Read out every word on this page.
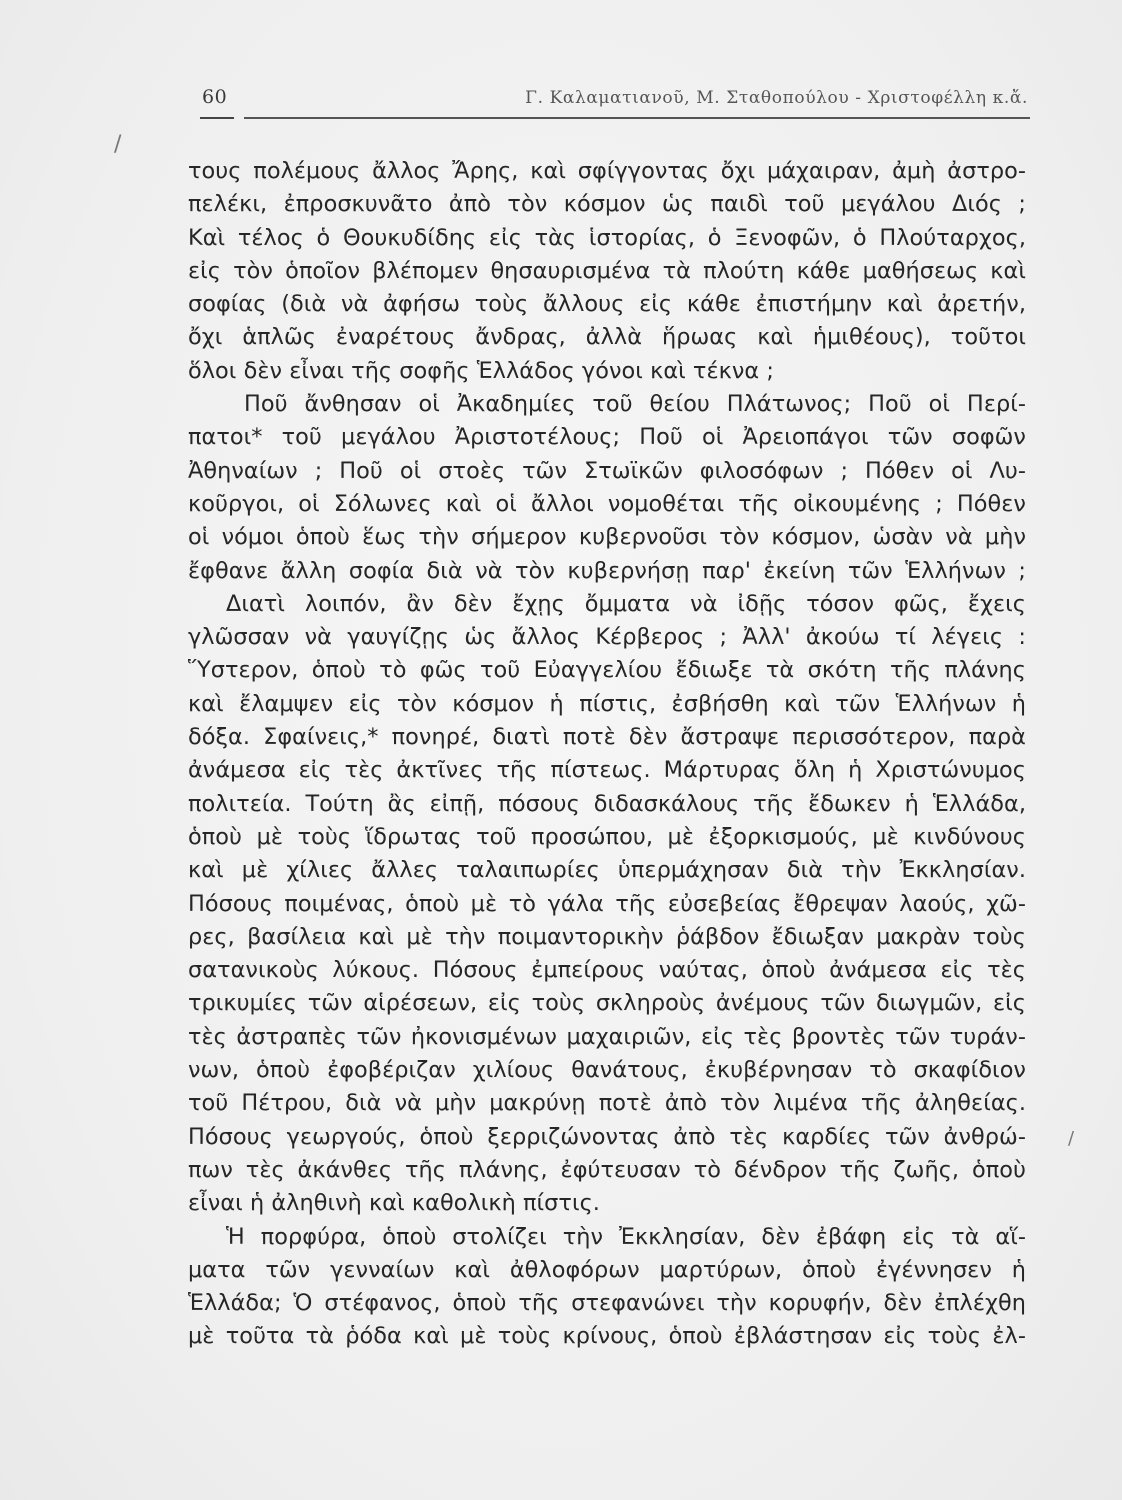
60	Γ. Καλαματιανοῦ, Μ. Σταθοπούλου - Χριστοφέλλη κ.ἄ.
/
/
τους πολέμους ἄλλος Ἄρης, καὶ σφίγγοντας ὄχι μάχαιραν, ἀμὴ ἀστρο-
πελέκι, ἐπροσκυνᾶτο ἀπὸ τὸν κόσμον ὡς παιδὶ τοῦ μεγάλου Διός ;
Καὶ τέλος ὁ Θουκυδίδης εἰς τὰς ἱστορίας, ὁ Ξενοφῶν, ὁ Πλούταρχος,
εἰς τὸν ὁποῖον βλέπομεν θησαυρισμένα τὰ πλούτη κάθε μαθήσεως καὶ
σοφίας (διὰ νὰ ἀφήσω τοὺς ἄλλους εἰς κάθε ἐπιστήμην καὶ ἀρετήν,
ὄχι ἁπλῶς ἐναρέτους ἄνδρας, ἀλλὰ ἥρωας καὶ ἡμιθέους), τοῦτοι
ὅλοι δὲν εἶναι τῆς σοφῆς Ἑλλάδος γόνοι καὶ τέκνα ;
Ποῦ ἄνθησαν οἱ Ἀκαδημίες τοῦ θείου Πλάτωνος; Ποῦ οἱ Περί-
πατοι* τοῦ μεγάλου Ἀριστοτέλους; Ποῦ οἱ Ἀρειοπάγοι τῶν σοφῶν
Ἀθηναίων ; Ποῦ οἱ στοὲς τῶν Στωϊκῶν φιλοσόφων ; Πόθεν οἱ Λυ-
κοῦργοι, οἱ Σόλωνες καὶ οἱ ἄλλοι νομοθέται τῆς οἰκουμένης ; Πόθεν
οἱ νόμοι ὁποὺ ἕως τὴν σήμερον κυβερνοῦσι τὸν κόσμον, ὡσὰν νὰ μὴν
ἔφθανε ἄλλη σοφία διὰ νὰ τὸν κυβερνήσῃ παρ' ἐκείνη τῶν Ἑλλήνων ;
Διατὶ λοιπόν, ἂν δὲν ἔχῃς ὄμματα νὰ ἰδῇς τόσον φῶς, ἔχεις
γλῶσσαν νὰ γαυγίζῃς ὡς ἄλλος Κέρβερος ; Ἀλλ' ἀκούω τί λέγεις :
Ὕστερον, ὁποὺ τὸ φῶς τοῦ Εὐαγγελίου ἔδιωξε τὰ σκότη τῆς πλάνης
καὶ ἔλαμψεν εἰς τὸν κόσμον ἡ πίστις, ἐσβήσθη καὶ τῶν Ἑλλήνων ἡ
δόξα. Σφαίνεις,* πονηρέ, διατὶ ποτὲ δὲν ἄστραψε περισσότερον, παρὰ
ἀνάμεσα εἰς τὲς ἀκτῖνες τῆς πίστεως. Μάρτυρας ὅλη ἡ Χριστώνυμος
πολιτεία. Τούτη ἂς εἰπῇ, πόσους διδασκάλους τῆς ἔδωκεν ἡ Ἑλλάδα,
ὁποὺ μὲ τοὺς ἵδρωτας τοῦ προσώπου, μὲ ἐξορκισμούς, μὲ κινδύνους
καὶ μὲ χίλιες ἄλλες ταλαιπωρίες ὑπερμάχησαν διὰ τὴν Ἐκκλησίαν.
Πόσους ποιμένας, ὁποὺ μὲ τὸ γάλα τῆς εὐσεβείας ἔθρεψαν λαούς, χῶ-
ρες, βασίλεια καὶ μὲ τὴν ποιμαντορικὴν ῥάβδον ἔδιωξαν μακρὰν τοὺς
σατανικοὺς λύκους. Πόσους ἐμπείρους ναύτας, ὁποὺ ἀνάμεσα εἰς τὲς
τρικυμίες τῶν αἱρέσεων, εἰς τοὺς σκληροὺς ἀνέμους τῶν διωγμῶν, εἰς
τὲς ἀστραπὲς τῶν ἠκονισμένων μαχαιριῶν, εἰς τὲς βροντὲς τῶν τυράν-
νων, ὁποὺ ἐφοβέριζαν χιλίους θανάτους, ἐκυβέρνησαν τὸ σκαφίδιον
τοῦ Πέτρου, διὰ νὰ μὴν μακρύνῃ ποτὲ ἀπὸ τὸν λιμένα τῆς ἀληθείας.
Πόσους γεωργούς, ὁποὺ ξερριζώνοντας ἀπὸ τὲς καρδίες τῶν ἀνθρώ-
πων τὲς ἀκάνθες τῆς πλάνης, ἐφύτευσαν τὸ δένδρον τῆς ζωῆς, ὁποὺ
εἶναι ἡ ἀληθινὴ καὶ καθολικὴ πίστις.
Ἡ πορφύρα, ὁποὺ στολίζει τὴν Ἐκκλησίαν, δὲν ἐβάφη εἰς τὰ αἵ-
ματα τῶν γενναίων καὶ ἀθλοφόρων μαρτύρων, ὁποὺ ἐγέννησεν ἡ
Ἑλλάδα; Ὁ στέφανος, ὁποὺ τῆς στεφανώνει τὴν κορυφήν, δὲν ἐπλέχθη
μὲ τοῦτα τὰ ῥόδα καὶ μὲ τοὺς κρίνους, ὁποὺ ἐβλάστησαν εἰς τοὺς ἐλ-
